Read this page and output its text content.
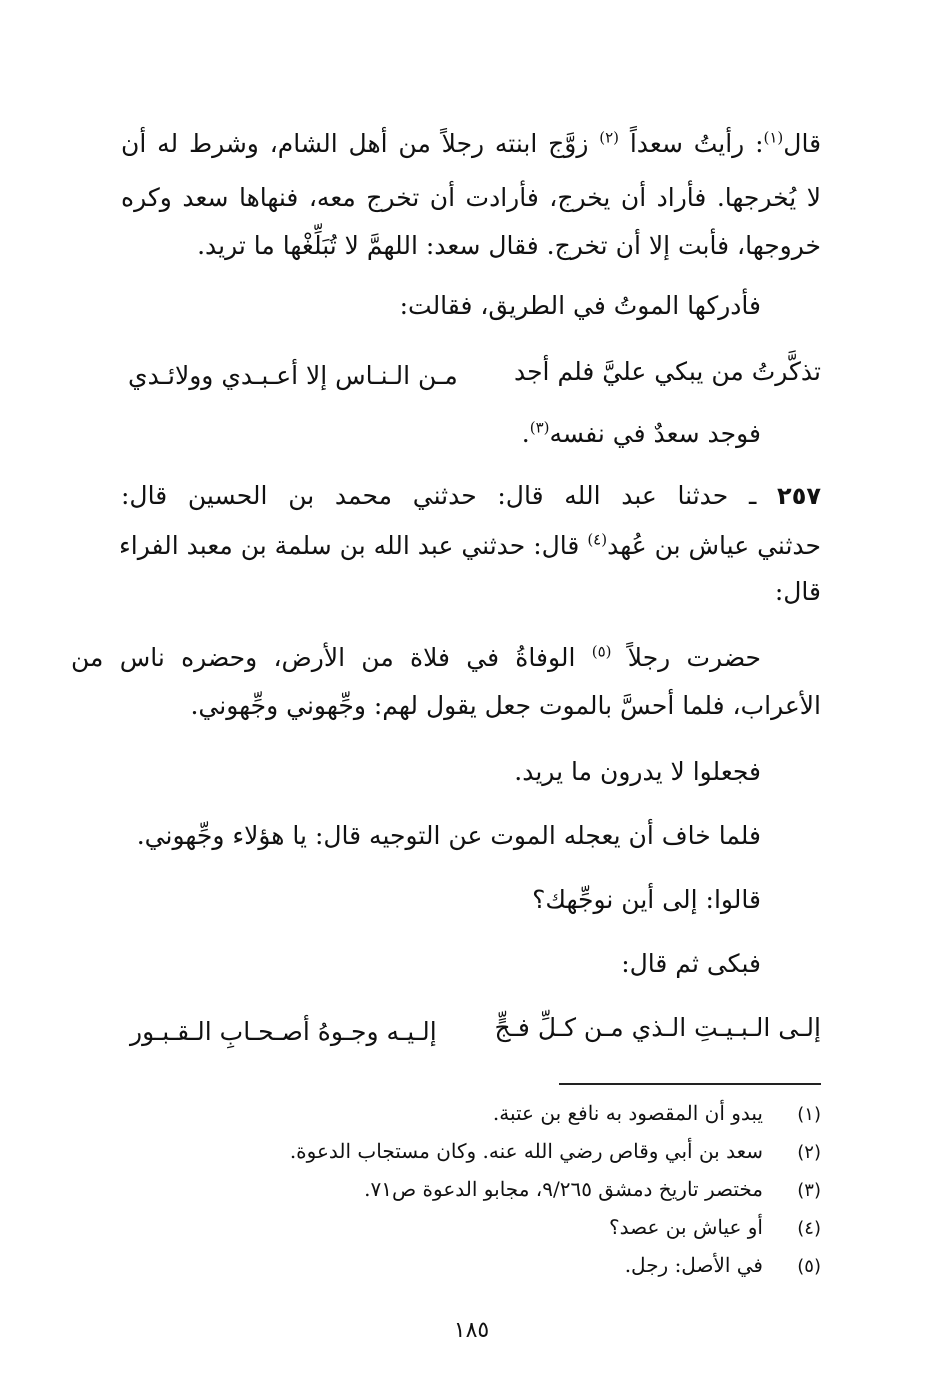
قال$^{(١)}$: رأيتُ سعداً $^{(٢)}$ زوَّج ابنته رجلاً من أهل الشام، وشرط له أن
لا يُخرجها. فأراد أن يخرج، فأرادت أن تخرج معه، فنهاها سعد وكره
خروجها، فأبت إلا أن تخرج. فقال سعد: اللهمَّ لا تُبَلِّغْها ما تريد.
فأدركها الموتُ في الطريق، فقالت:
تذكَّرتُ من يبكي عليَّ فلم أجد
مـن الـنـاس إلا أعـبـدي وولائـدي
فوجد سعدٌ في نفسه$^{(٣)}$.
٢٥٧ ـ حدثنا عبد الله قال: حدثني محمد بن الحسين قال:
حدثني عياش بن عُهد$^{(٤)}$ قال: حدثني عبد الله بن سلمة بن معبد الفراء
قال:
حضرت رجلاً $^{(٥)}$ الوفاةُ في فلاة من الأرض، وحضره ناس من
الأعراب، فلما أحسَّ بالموت جعل يقول لهم: وجِّهوني وجِّهوني.
فجعلوا لا يدرون ما يريد.
فلما خاف أن يعجله الموت عن التوجيه قال: يا هؤلاء وجِّهوني.
قالوا: إلى أين نوجِّهك؟
فبكى ثم قال:
إلـى الـبـيـتِ الـذي مـن كـلِّ فـجٍّ
إلـيـه وجـوهُ أصـحـابِ الـقـبـور
(١)يبدو أن المقصود به نافع بن عتبة.
(٢)سعد بن أبي وقاص رضي الله عنه. وكان مستجاب الدعوة.
(٣)مختصر تاريخ دمشق ٩/٢٦٥، مجابو الدعوة ص٧١.
(٤)أو عياش بن عصد؟
(٥)في الأصل: رجل.
١٨٥
